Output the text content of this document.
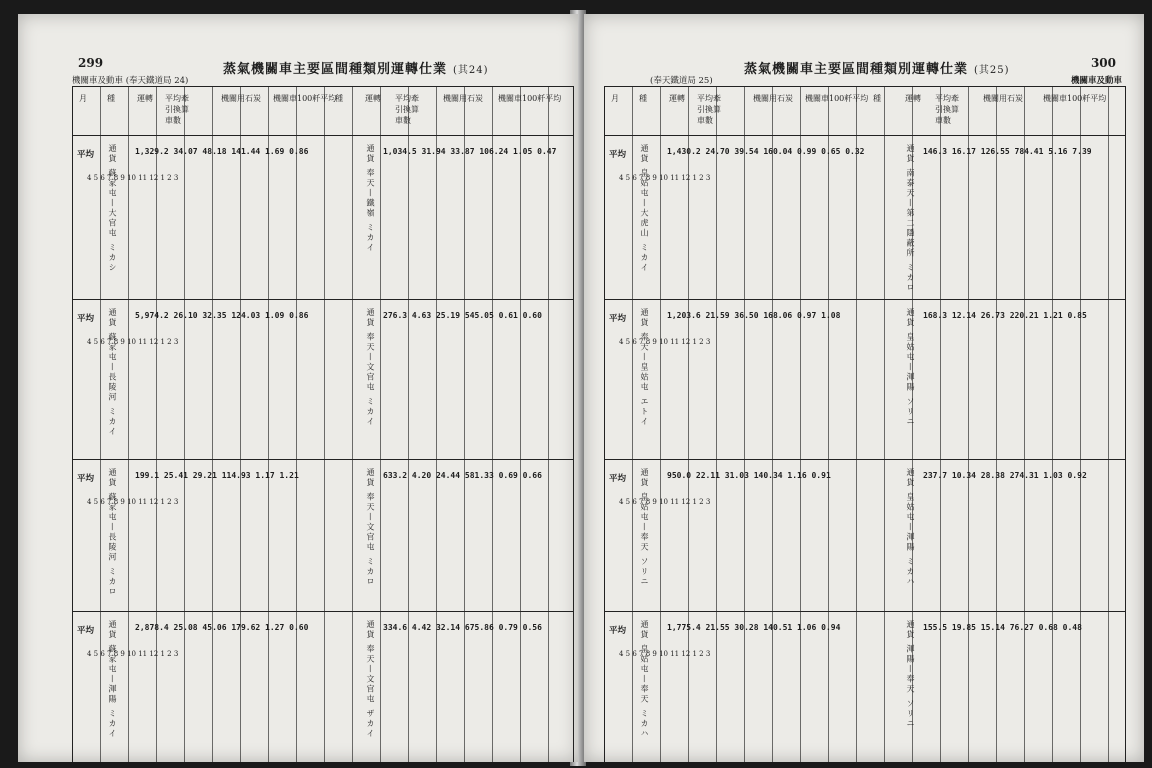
299	蒸氣機關車主要區間種類別運轉仕業 (其24)
機關車及動車 (奉天鐵道局 24)
月	種	運轉 平均牽引換算車數
機關用石炭 機關車100粁平均
種	運轉 平均牽引換算車數
機關用石炭 機關車100粁平均
平均 通貨 蘇家屯—大官屯 ミカシ 1,329.2 34.07 48.18 141.44 1.69 0.86	通貨 奉天—鐵嶺 ミカイ 1,034.5 31.94 33.87 106.24 1.05 0.47
4 5 6 7 8 9 10 11 12 1 2 3
平均 通貨 蘇家屯—長陵河 ミカイ 5,974.2 26.10 32.35 124.03 1.09 0.86	通貨 奉天—文官屯 ミカイ 276.3 4.63 25.19 545.05 0.61 0.60
4 5 6 7 8 9 10 11 12 1 2 3
平均 通貨 蘇家屯—長陵河 ミカロ 199.1 25.41 29.21 114.93 1.17 1.21	通貨 奉天—文官屯 ミカロ 633.2 4.20 24.44 581.33 0.69 0.66
4 5 6 7 8 9 10 11 12 1 2 3
平均 通貨 蘇家屯—渾陽 ミカイ 2,878.4 25.08 45.06 179.62 1.27 0.60	通貨 奉天—文官屯 ザカイ 334.6 4.42 32.14 675.86 0.79 0.56
4 5 6 7 8 9 10 11 12 1 2 3
300
蒸氣機關車主要區間種類別運轉仕業 (其25)
(奉天鐵道局 25)	機關車及動車
月	種	運轉 平均牽引換算車數
機關用石炭 機關車100粁平均 種	運轉 平均牽引換算車數
機關用石炭	機關車100粁平均
平均 通貨 皇姑屯—大虎山 ミカイ 1,430.2 24.70 39.54 160.04 0.99 0.65 0.32	通貨 南泰天—第二隱蔽所 ミカロ 146.3 16.17 126.55 784.41 5.16 7.39
4 5 6 7 8 9 10 11 12 1 2 3
平均 通貨 奉天—皇姑屯 エトイ 1,203.6 21.59 36.50 168.06 0.97 1.08	通貨 皇姑屯—渾陽 ソリニ 168.3 12.14 26.73 220.21 1.21 0.85
4 5 6 7 8 9 10 11 12 1 2 3
平均 通貨 皇姑屯—奉天 ソリニ 950.0 22.11 31.03 140.34 1.16 0.91	通貨 皇姑屯—渾陽 ミカハ 237.7 10.34 28.38 274.31 1.03 0.92
4 5 6 7 8 9 10 11 12 1 2 3
平均 通貨 皇姑屯—奉天 ミカハ 1,775.4 21.55 30.28 140.51 1.06 0.94	通貨 渾陽—奉天 ソリニ 155.5 19.85 15.14 76.27 0.68 0.48
4 5 6 7 8 9 10 11 12 1 2 3
